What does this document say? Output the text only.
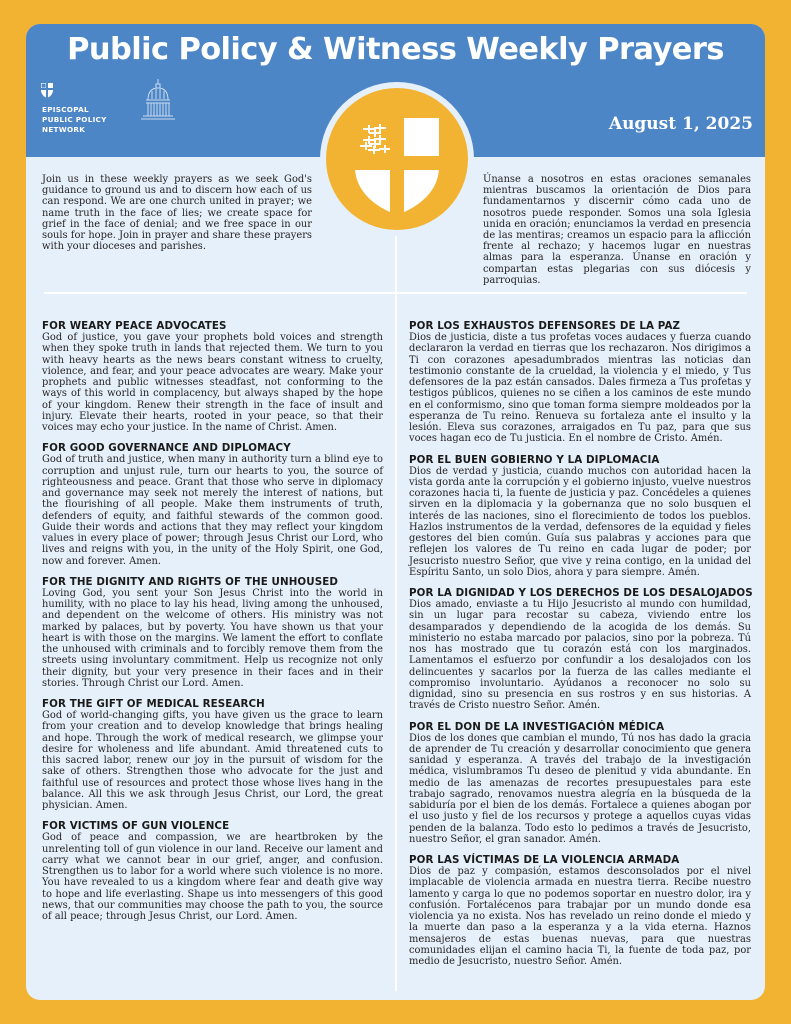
Public Policy & Witness Weekly Prayers
EPISCOPAL
PUBLIC POLICY
NETWORK	August 1, 2025

Join us in these weekly prayers as we seek God's guidance to ground us and to discern how each of us can respond. We are one church united in prayer; we name truth in the face of lies; we create space for grief in the face of denial; and we free space in our souls for hope. Join in prayer and share these prayers with your dioceses and parishes.

Únanse a nosotros en estas oraciones semanales mientras buscamos la orientación de Dios para fundamentarnos y discernir cómo cada uno de nosotros puede responder. Somos una sola Iglesia unida en oración; enunciamos la verdad en presencia de las mentiras; creamos un espacio para la aflicción frente al rechazo; y hacemos lugar en nuestras almas para la esperanza. Únanse en oración y compartan estas plegarias con sus diócesis y parroquias.

FOR WEARY PEACE ADVOCATES

God of justice, you gave your prophets bold voices and strength when they spoke truth in lands that rejected them. We turn to you with heavy hearts as the news bears constant witness to cruelty, violence, and fear, and your peace advocates are weary. Make your prophets and public witnesses steadfast, not conforming to the ways of this world in complacency, but always shaped by the hope of your kingdom. Renew their strength in the face of insult and injury. Elevate their hearts, rooted in your peace, so that their voices may echo your justice. In the name of Christ. Amen.

FOR GOOD GOVERNANCE AND DIPLOMACY

God of truth and justice, when many in authority turn a blind eye to corruption and unjust rule, turn our hearts to you, the source of righteousness and peace. Grant that those who serve in diplomacy and governance may seek not merely the interest of nations, but the flourishing of all people. Make them instruments of truth, defenders of equity, and faithful stewards of the common good. Guide their words and actions that they may reflect your kingdom values in every place of power; through Jesus Christ our Lord, who lives and reigns with you, in the unity of the Holy Spirit, one God, now and forever. Amen.

FOR THE DIGNITY AND RIGHTS OF THE UNHOUSED

Loving God, you sent your Son Jesus Christ into the world in humility, with no place to lay his head, living among the unhoused, and dependent on the welcome of others. His ministry was not marked by palaces, but by poverty. You have shown us that your heart is with those on the margins. We lament the effort to conflate the unhoused with criminals and to forcibly remove them from the streets using involuntary commitment. Help us recognize not only their dignity, but your very presence in their faces and in their stories. Through Christ our Lord. Amen.

FOR THE GIFT OF MEDICAL RESEARCH

God of world-changing gifts, you have given us the grace to learn from your creation and to develop knowledge that brings healing and hope. Through the work of medical research, we glimpse your desire for wholeness and life abundant. Amid threatened cuts to this sacred labor, renew our joy in the pursuit of wisdom for the sake of others. Strengthen those who advocate for the just and faithful use of resources and protect those whose lives hang in the balance. All this we ask through Jesus Christ, our Lord, the great physician. Amen.

FOR VICTIMS OF GUN VIOLENCE

God of peace and compassion, we are heartbroken by the unrelenting toll of gun violence in our land. Receive our lament and carry what we cannot bear in our grief, anger, and confusion. Strengthen us to labor for a world where such violence is no more. You have revealed to us a kingdom where fear and death give way to hope and life everlasting. Shape us into messengers of this good news, that our communities may choose the path to you, the source of all peace; through Jesus Christ, our Lord. Amen.

POR LOS EXHAUSTOS DEFENSORES DE LA PAZ

Dios de justicia, diste a tus profetas voces audaces y fuerza cuando declararon la verdad en tierras que los rechazaron. Nos dirigimos a Ti con corazones apesadumbrados mientras las noticias dan testimonio constante de la crueldad, la violencia y el miedo, y Tus defensores de la paz están cansados. Dales firmeza a Tus profetas y testigos públicos, quienes no se ciñen a los caminos de este mundo en el conformismo, sino que toman forma siempre moldeados por la esperanza de Tu reino. Renueva su fortaleza ante el insulto y la lesión. Eleva sus corazones, arraigados en Tu paz, para que sus voces hagan eco de Tu justicia. En el nombre de Cristo. Amén.

POR EL BUEN GOBIERNO Y LA DIPLOMACIA

Dios de verdad y justicia, cuando muchos con autoridad hacen la vista gorda ante la corrupción y el gobierno injusto, vuelve nuestros corazones hacia ti, la fuente de justicia y paz. Concédeles a quienes sirven en la diplomacia y la gobernanza que no solo busquen el interés de las naciones, sino el florecimiento de todos los pueblos. Hazlos instrumentos de la verdad, defensores de la equidad y fieles gestores del bien común. Guía sus palabras y acciones para que reflejen los valores de Tu reino en cada lugar de poder; por Jesucristo nuestro Señor, que vive y reina contigo, en la unidad del Espíritu Santo, un solo Dios, ahora y para siempre. Amén.

POR LA DIGNIDAD Y LOS DERECHOS DE LOS DESALOJADOS

Dios amado, enviaste a tu Hijo Jesucristo al mundo con humildad, sin un lugar para recostar su cabeza, viviendo entre los desamparados y dependiendo de la acogida de los demás. Su ministerio no estaba marcado por palacios, sino por la pobreza. Tú nos has mostrado que tu corazón está con los marginados. Lamentamos el esfuerzo por confundir a los desalojados con los delincuentes y sacarlos por la fuerza de las calles mediante el compromiso involuntario. Ayúdanos a reconocer no solo su dignidad, sino su presencia en sus rostros y en sus historias. A través de Cristo nuestro Señor. Amén.

POR EL DON DE LA INVESTIGACIÓN MÉDICA

Dios de los dones que cambian el mundo, Tú nos has dado la gracia de aprender de Tu creación y desarrollar conocimiento que genera sanidad y esperanza. A través del trabajo de la investigación médica, vislumbramos Tu deseo de plenitud y vida abundante. En medio de las amenazas de recortes presupuestales para este trabajo sagrado, renovamos nuestra alegría en la búsqueda de la sabiduría por el bien de los demás. Fortalece a quienes abogan por el uso justo y fiel de los recursos y protege a aquellos cuyas vidas penden de la balanza. Todo esto lo pedimos a través de Jesucristo, nuestro Señor, el gran sanador. Amén.

POR LAS VÍCTIMAS DE LA VIOLENCIA ARMADA

Dios de paz y compasión, estamos desconsolados por el nivel implacable de violencia armada en nuestra tierra. Recibe nuestro lamento y carga lo que no podemos soportar en nuestro dolor, ira y confusión. Fortalécenos para trabajar por un mundo donde esa violencia ya no exista. Nos has revelado un reino donde el miedo y la muerte dan paso a la esperanza y a la vida eterna. Haznos mensajeros de estas buenas nuevas, para que nuestras comunidades elijan el camino hacia Ti, la fuente de toda paz, por medio de Jesucristo, nuestro Señor. Amén.
